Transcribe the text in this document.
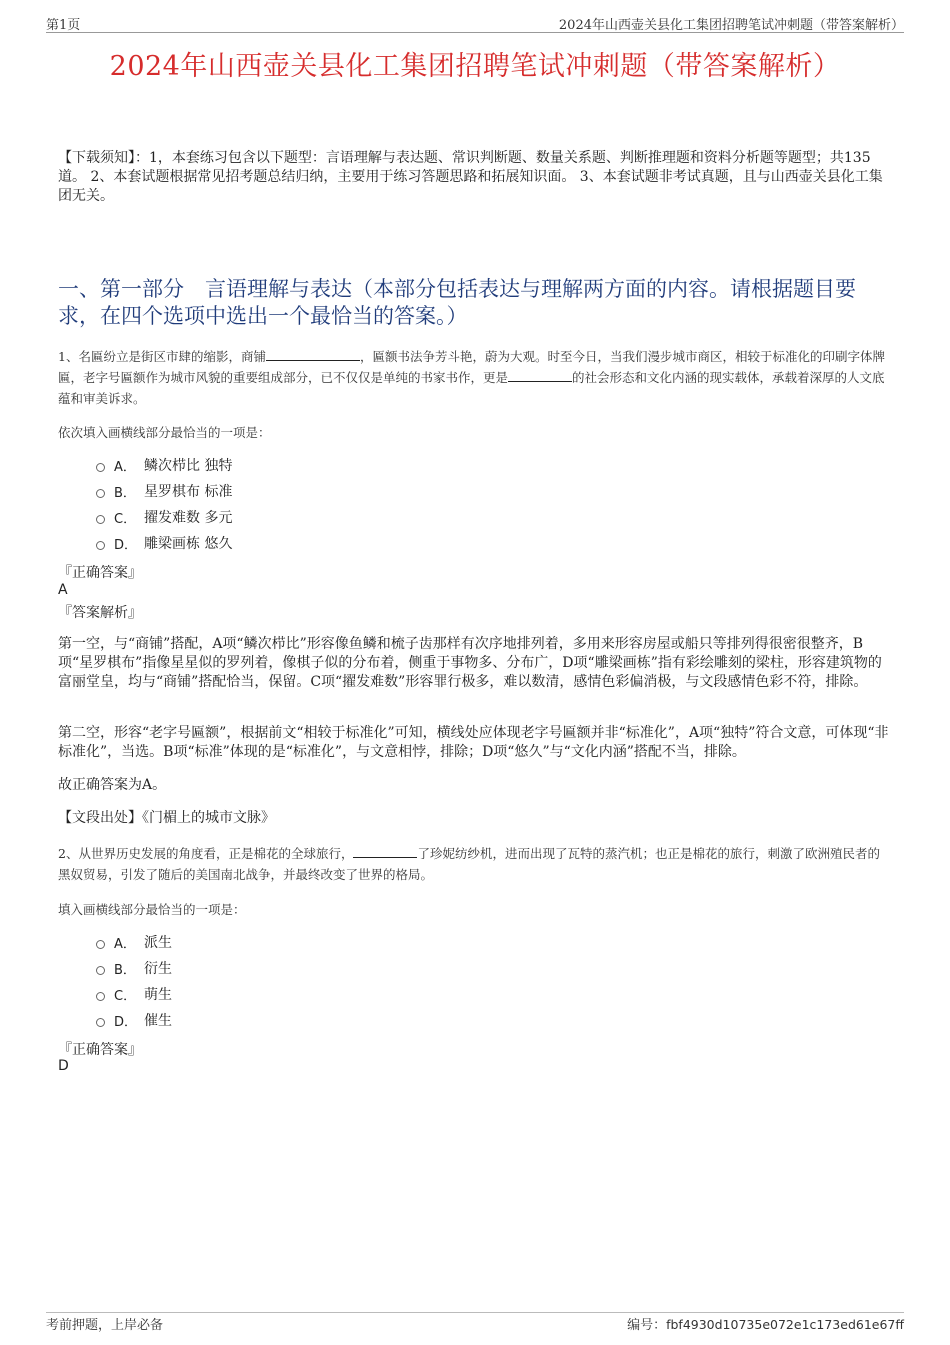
第1页	2024年山西壶关县化工集团招聘笔试冲刺题（带答案解析）
2024年山西壶关县化工集团招聘笔试冲刺题（带答案解析）
【下载须知】：1，本套练习包含以下题型：言语理解与表达题、常识判断题、数量关系题、判断推理题和资料分析题等题型；共135道。 2、本套试题根据常见招考题总结归纳，主要用于练习答题思路和拓展知识面。 3、本套试题非考试真题，且与山西壶关县化工集团无关。
一、第一部分　言语理解与表达（本部分包括表达与理解两方面的内容。请根据题目要求，在四个选项中选出一个最恰当的答案。）
1、名匾纷立是街区市肆的缩影，商铺	，匾额书法争芳斗艳，蔚为大观。时至今日，当我们漫步城市商区，相较于标准化的印刷字体牌匾，老字号匾额作为城市风貌的重要组成部分，已不仅仅是单纯的书家书作，更是	的社会形态和文化内涵的现实载体，承载着深厚的人文底蕴和审美诉求。
依次填入画横线部分最恰当的一项是：
A． 鳞次栉比 独特
B． 星罗棋布 标准
C． 擢发难数 多元
D． 雕梁画栋 悠久
『正确答案』
A
『答案解析』
第一空，与“商铺”搭配，A项“鳞次栉比”形容像鱼鳞和梳子齿那样有次序地排列着，多用来形容房屋或船只等排列得很密很整齐，B项“星罗棋布”指像星星似的罗列着，像棋子似的分布着，侧重于事物多、分布广，D项“雕梁画栋”指有彩绘雕刻的梁柱，形容建筑物的富丽堂皇，均与“商铺”搭配恰当，保留。C项“擢发难数”形容罪行极多，难以数清，感情色彩偏消极，与文段感情色彩不符，排除。
第二空，形容“老字号匾额”，根据前文“相较于标准化”可知，横线处应体现老字号匾额并非“标准化”，A项“独特”符合文意，可体现“非标准化”，当选。B项“标准”体现的是“标准化”，与文意相悖，排除；D项“悠久”与“文化内涵”搭配不当，排除。
故正确答案为A。
【文段出处】《门楣上的城市文脉》
2、从世界历史发展的角度看，正是棉花的全球旅行，	了珍妮纺纱机，进而出现了瓦特的蒸汽机；也正是棉花的旅行，刺激了欧洲殖民者的黑奴贸易，引发了随后的美国南北战争，并最终改变了世界的格局。
填入画横线部分最恰当的一项是：
A． 派生
B． 衍生
C． 萌生
D． 催生
『正确答案』
D
考前押题，上岸必备	编号：fbf4930d10735e072e1c173ed61e67ff
